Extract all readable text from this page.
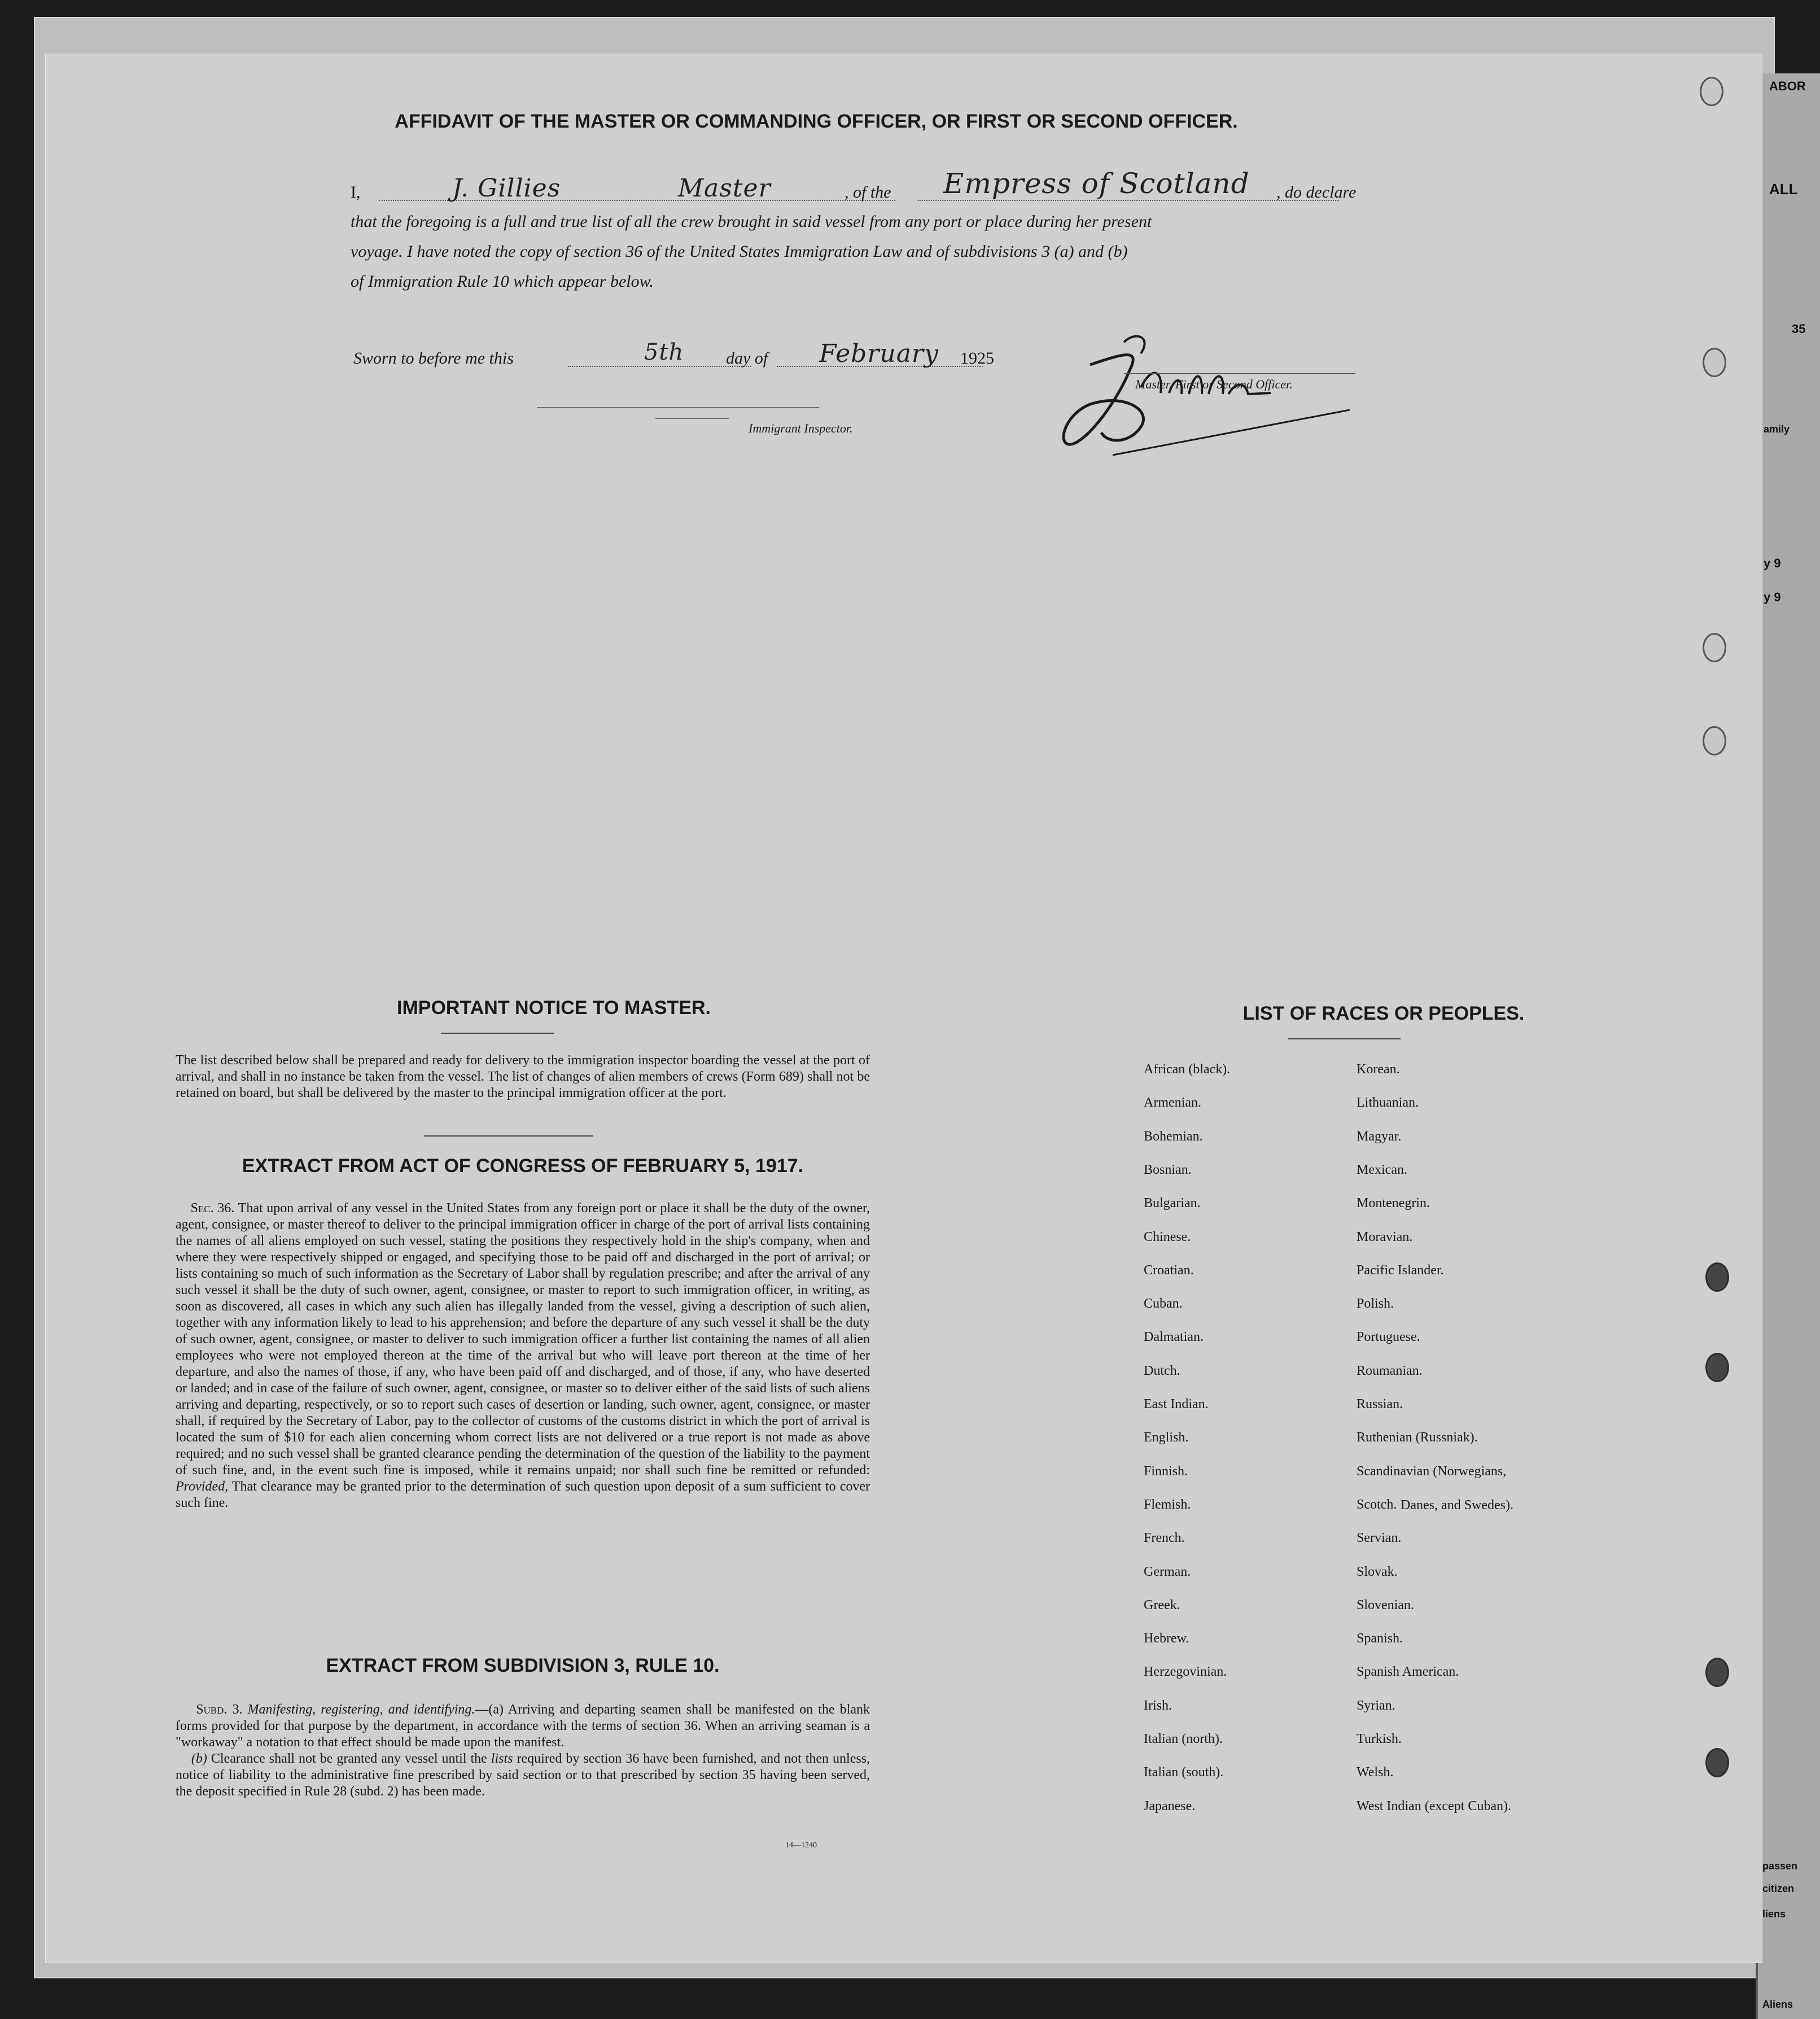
ABOR
ALL
35
amily
y 9
y 9
passen
citizen
liens
Aliens
AFFIDAVIT OF THE MASTER OR COMMANDING OFFICER, OR FIRST OR SECOND OFFICER.
I,	J. Gillies	Master	, of the Empress of Scotland , do declare
that the foregoing is a full and true list of all the crew brought in said vessel from any port or place during her present
voyage. I have noted the copy of section 36 of the United States Immigration Law and of subdivisions 3 (a) and (b)
of Immigration Rule 10 which appear below.
Master, First or Second Officer.
Sworn to before me this	5th day of February 1925
Immigrant Inspector.
IMPORTANT NOTICE TO MASTER.
The list described below shall be prepared and ready for delivery to the immigration inspector boarding the vessel at the port of arrival, and shall in no instance be taken from the vessel. The list of changes of alien members of crews (Form 689) shall not be retained on board, but shall be delivered by the master to the principal immigration officer at the port.
EXTRACT FROM ACT OF CONGRESS OF FEBRUARY 5, 1917.
Sec. 36. That upon arrival of any vessel in the United States from any foreign port or place it shall be the duty of the owner, agent, consignee, or master thereof to deliver to the principal immigration officer in charge of the port of arrival lists containing the names of all aliens employed on such vessel, stating the positions they respectively hold in the ship's company, when and where they were respectively shipped or engaged, and specifying those to be paid off and discharged in the port of arrival; or lists containing so much of such information as the Secretary of Labor shall by regulation prescribe; and after the arrival of any such vessel it shall be the duty of such owner, agent, consignee, or master to report to such immigration officer, in writing, as soon as discovered, all cases in which any such alien has illegally landed from the vessel, giving a description of such alien, together with any information likely to lead to his apprehension; and before the departure of any such vessel it shall be the duty of such owner, agent, consignee, or master to deliver to such immigration officer a further list containing the names of all alien employees who were not employed thereon at the time of the arrival but who will leave port thereon at the time of her departure, and also the names of those, if any, who have been paid off and discharged, and of those, if any, who have deserted or landed; and in case of the failure of such owner, agent, consignee, or master so to deliver either of the said lists of such aliens arriving and departing, respectively, or so to report such cases of desertion or landing, such owner, agent, consignee, or master shall, if required by the Secretary of Labor, pay to the collector of customs of the customs district in which the port of arrival is located the sum of $10 for each alien concerning whom correct lists are not delivered or a true report is not made as above required; and no such vessel shall be granted clearance pending the determination of the question of the liability to the payment of such fine, and, in the event such fine is imposed, while it remains unpaid; nor shall such fine be remitted or refunded: Provided, That clearance may be granted prior to the determination of such question upon deposit of a sum sufficient to cover such fine.
EXTRACT FROM SUBDIVISION 3, RULE 10.
Subd. 3. Manifesting, registering, and identifying.—(a) Arriving and departing seamen shall be manifested on the blank forms provided for that purpose by the department, in accordance with the terms of section 36. When an arriving seaman is a "workaway" a notation to that effect should be made upon the manifest.
(b) Clearance shall not be granted any vessel until the lists required by section 36 have been furnished, and not then unless, notice of liability to the administrative fine prescribed by said section or to that prescribed by section 35 having been served, the deposit specified in Rule 28 (subd. 2) has been made.
14—1240
LIST OF RACES OR PEOPLES.
African (black).
Armenian.
Bohemian.
Bosnian.
Bulgarian.
Chinese.
Croatian.
Cuban.
Dalmatian.
Dutch.
East Indian.
English.
Finnish.
Flemish.
French.
German.
Greek.
Hebrew.
Herzegovinian.
Irish.
Italian (north).
Italian (south).
Japanese.
Korean.
Lithuanian.
Magyar.
Mexican.
Montenegrin.
Moravian.
Pacific Islander.
Polish.
Portuguese.
Roumanian.
Russian.
Ruthenian (Russniak).
Scandinavian (Norwegians,
Scotch.
Servian.
Slovak.
Slovenian.
Spanish.
Spanish American.
Syrian.
Turkish.
Welsh.
West Indian (except Cuban).
Danes, and Swedes).
